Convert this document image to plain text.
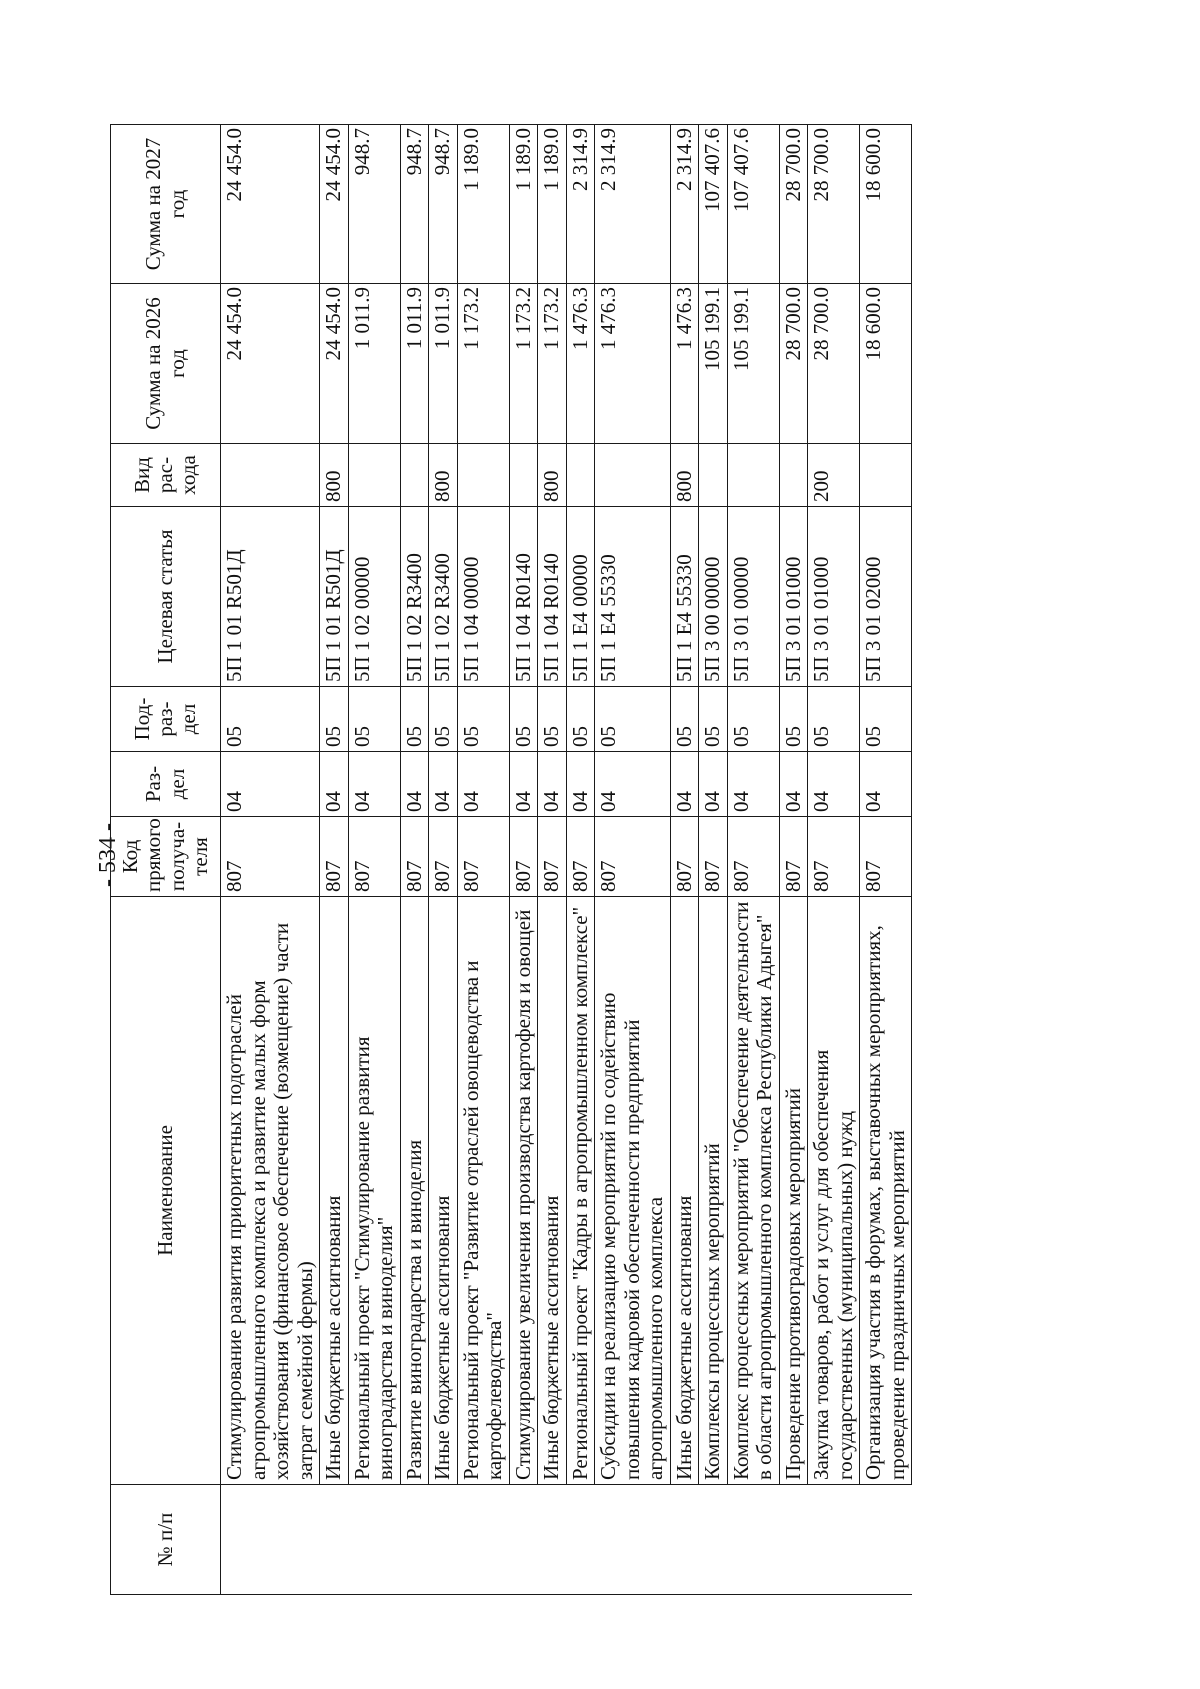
- 534 -
№ п/п	Наименование	Код прямого получа-теля	Раз-дел	Под-раз-дел	Целевая статья	Вид рас-хода	Сумма на 2026 год	Сумма на 2027 год
	Стимулирование развития приоритетных подотраслей агропромышленного комплекса и развитие малых форм хозяйствования (финансовое обеспечение (возмещение) части затрат семейной фермы)	807	04	05	5П 1 01 R501Д		24 454.0	24 454.0
	Иные бюджетные ассигнования	807	04	05	5П 1 01 R501Д	800	24 454.0	24 454.0
	Региональный проект "Стимулирование развития виноградарства и виноделия"	807	04	05	5П 1 02 00000		1 011.9	948.7
	Развитие виноградарства и виноделия	807	04	05	5П 1 02 R3400		1 011.9	948.7
	Иные бюджетные ассигнования	807	04	05	5П 1 02 R3400	800	1 011.9	948.7
	Региональный проект "Развитие отраслей овощеводства и картофелеводства"	807	04	05	5П 1 04 00000		1 173.2	1 189.0
	Стимулирование увеличения производства картофеля и овощей	807	04	05	5П 1 04 R0140		1 173.2	1 189.0
	Иные бюджетные ассигнования	807	04	05	5П 1 04 R0140	800	1 173.2	1 189.0
	Региональный проект "Кадры в агропромышленном комплексе"	807	04	05	5П 1 Е4 00000		1 476.3	2 314.9
	Субсидии на реализацию мероприятий по содействию повышения кадровой обеспеченности предприятий агропромышленного комплекса	807	04	05	5П 1 Е4 55330		1 476.3	2 314.9
	Иные бюджетные ассигнования	807	04	05	5П 1 Е4 55330	800	1 476.3	2 314.9
	Комплексы процессных мероприятий	807	04	05	5П 3 00 00000		105 199.1	107 407.6
	Комплекс процессных мероприятий "Обеспечение деятельности в области агропромышленного комплекса Республики Адыгея"	807	04	05	5П 3 01 00000		105 199.1	107 407.6
	Проведение противоградовых мероприятий	807	04	05	5П 3 01 01000		28 700.0	28 700.0
	Закупка товаров, работ и услуг для обеспечения государственных (муниципальных) нужд	807	04	05	5П 3 01 01000	200	28 700.0	28 700.0
	Организация участия в форумах, выставочных мероприятиях, проведение праздничных мероприятий	807	04	05	5П 3 01 02000		18 600.0	18 600.0
